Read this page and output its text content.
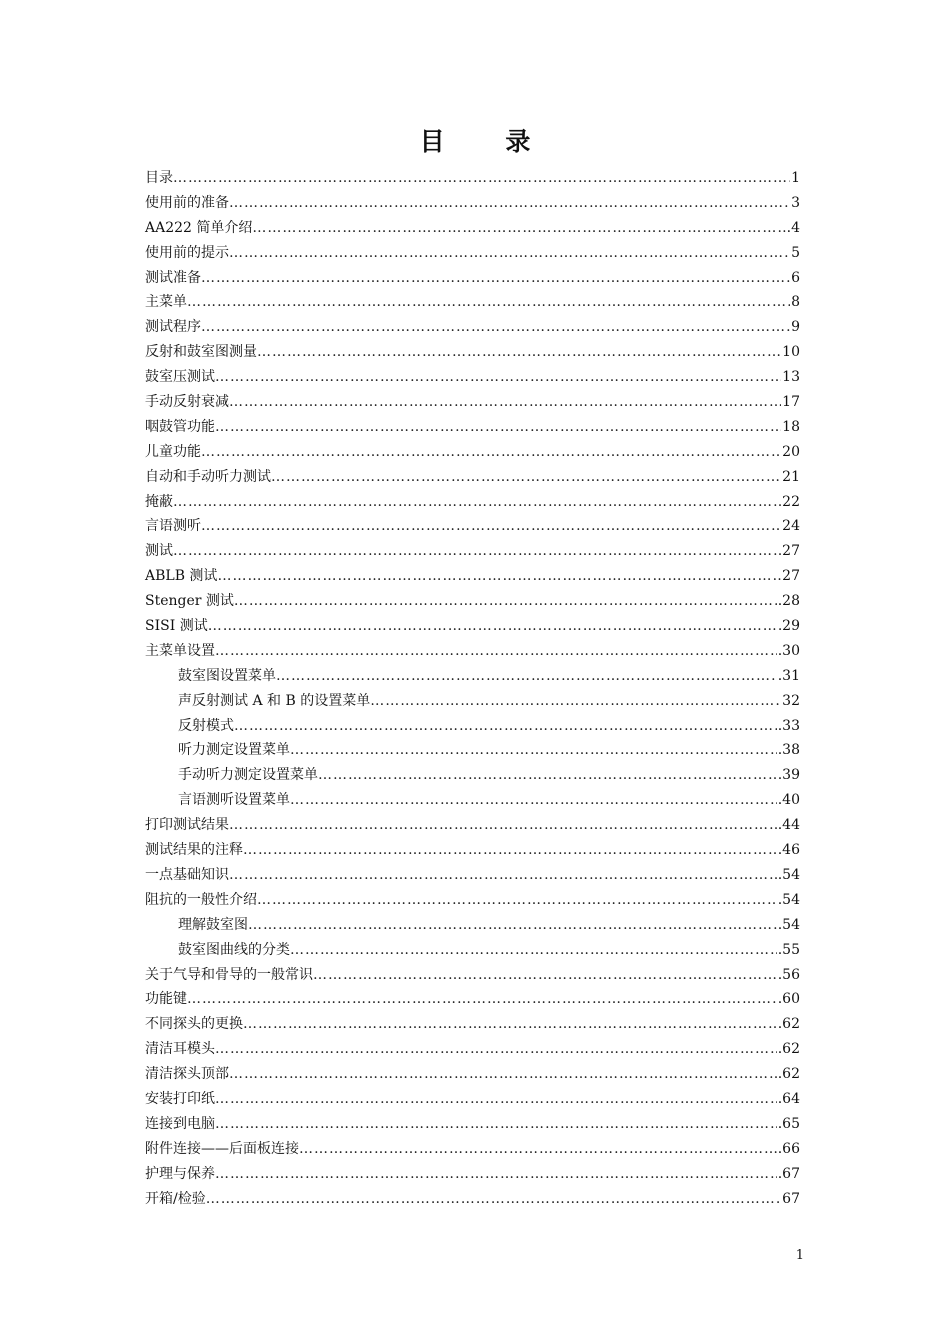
目 录
目录 ………………………………………………………………………………………………………………………………………………………………………………………………	1
使用前的准备 ………………………………………………………………………………………………………………………………………………………………………………………………	3
AA222 简单介绍 ………………………………………………………………………………………………………………………………………………………………………………………………	.4
使用前的提示 ………………………………………………………………………………………………………………………………………………………………………………………………	5
测试准备 ………………………………………………………………………………………………………………………………………………………………………………………………	6
主菜单 ………………………………………………………………………………………………………………………………………………………………………………………………	8
测试程序 ………………………………………………………………………………………………………………………………………………………………………………………………	9
反射和鼓室图测量 ………………………………………………………………………………………………………………………………………………………………………………………………	10
鼓室压测试 ………………………………………………………………………………………………………………………………………………………………………………………………	13
手动反射衰减 ………………………………………………………………………………………………………………………………………………………………………………………………	17
咽鼓管功能 ………………………………………………………………………………………………………………………………………………………………………………………………	18
儿童功能 ………………………………………………………………………………………………………………………………………………………………………………………………	20
自动和手动听力测试 ………………………………………………………………………………………………………………………………………………………………………………………………	21
掩蔽 ………………………………………………………………………………………………………………………………………………………………………………………………	22
言语测听 ………………………………………………………………………………………………………………………………………………………………………………………………	24
测试 ………………………………………………………………………………………………………………………………………………………………………………………………	27
ABLB 测试 ………………………………………………………………………………………………………………………………………………………………………………………………	27
Stenger 测试 ………………………………………………………………………………………………………………………………………………………………………………………………	.28
SISI 测试 ………………………………………………………………………………………………………………………………………………………………………………………………	29
主菜单设置 ………………………………………………………………………………………………………………………………………………………………………………………………	.30
鼓室图设置菜单 ………………………………………………………………………………………………………………………………………………………………………………………………	.31
声反射测试 A 和 B 的设置菜单 ………………………………………………………………………………………………………………………………………………………………………………………………	32
反射模式 ………………………………………………………………………………………………………………………………………………………………………………………………	.33
听力测定设置菜单 ………………………………………………………………………………………………………………………………………………………………………………………………	.38
手动听力测定设置菜单 ………………………………………………………………………………………………………………………………………………………………………………………………	.39
言语测听设置菜单 ………………………………………………………………………………………………………………………………………………………………………………………………	.40
打印测试结果 ………………………………………………………………………………………………………………………………………………………………………………………………	.44
测试结果的注释 ………………………………………………………………………………………………………………………………………………………………………………………………	.46
一点基础知识 ………………………………………………………………………………………………………………………………………………………………………………………………	.54
阻抗的一般性介绍 ………………………………………………………………………………………………………………………………………………………………………………………………	.54
理解鼓室图 ………………………………………………………………………………………………………………………………………………………………………………………………	.54
鼓室图曲线的分类 ………………………………………………………………………………………………………………………………………………………………………………………………	.55
关于气导和骨导的一般常识 ………………………………………………………………………………………………………………………………………………………………………………………………	.56
功能键 ………………………………………………………………………………………………………………………………………………………………………………………………	.60
不同探头的更换 ………………………………………………………………………………………………………………………………………………………………………………………………	.62
清洁耳模头 ………………………………………………………………………………………………………………………………………………………………………………………………	.62
清洁探头顶部 ………………………………………………………………………………………………………………………………………………………………………………………………	.62
安装打印纸 ………………………………………………………………………………………………………………………………………………………………………………………………	.64
连接到电脑 ………………………………………………………………………………………………………………………………………………………………………………………………	.65
附件连接——后面板连接 ………………………………………………………………………………………………………………………………………………………………………………………………	.66
护理与保养 ………………………………………………………………………………………………………………………………………………………………………………………………	.67
开箱/检验 ………………………………………………………………………………………………………………………………………………………………………………………………	67
1
